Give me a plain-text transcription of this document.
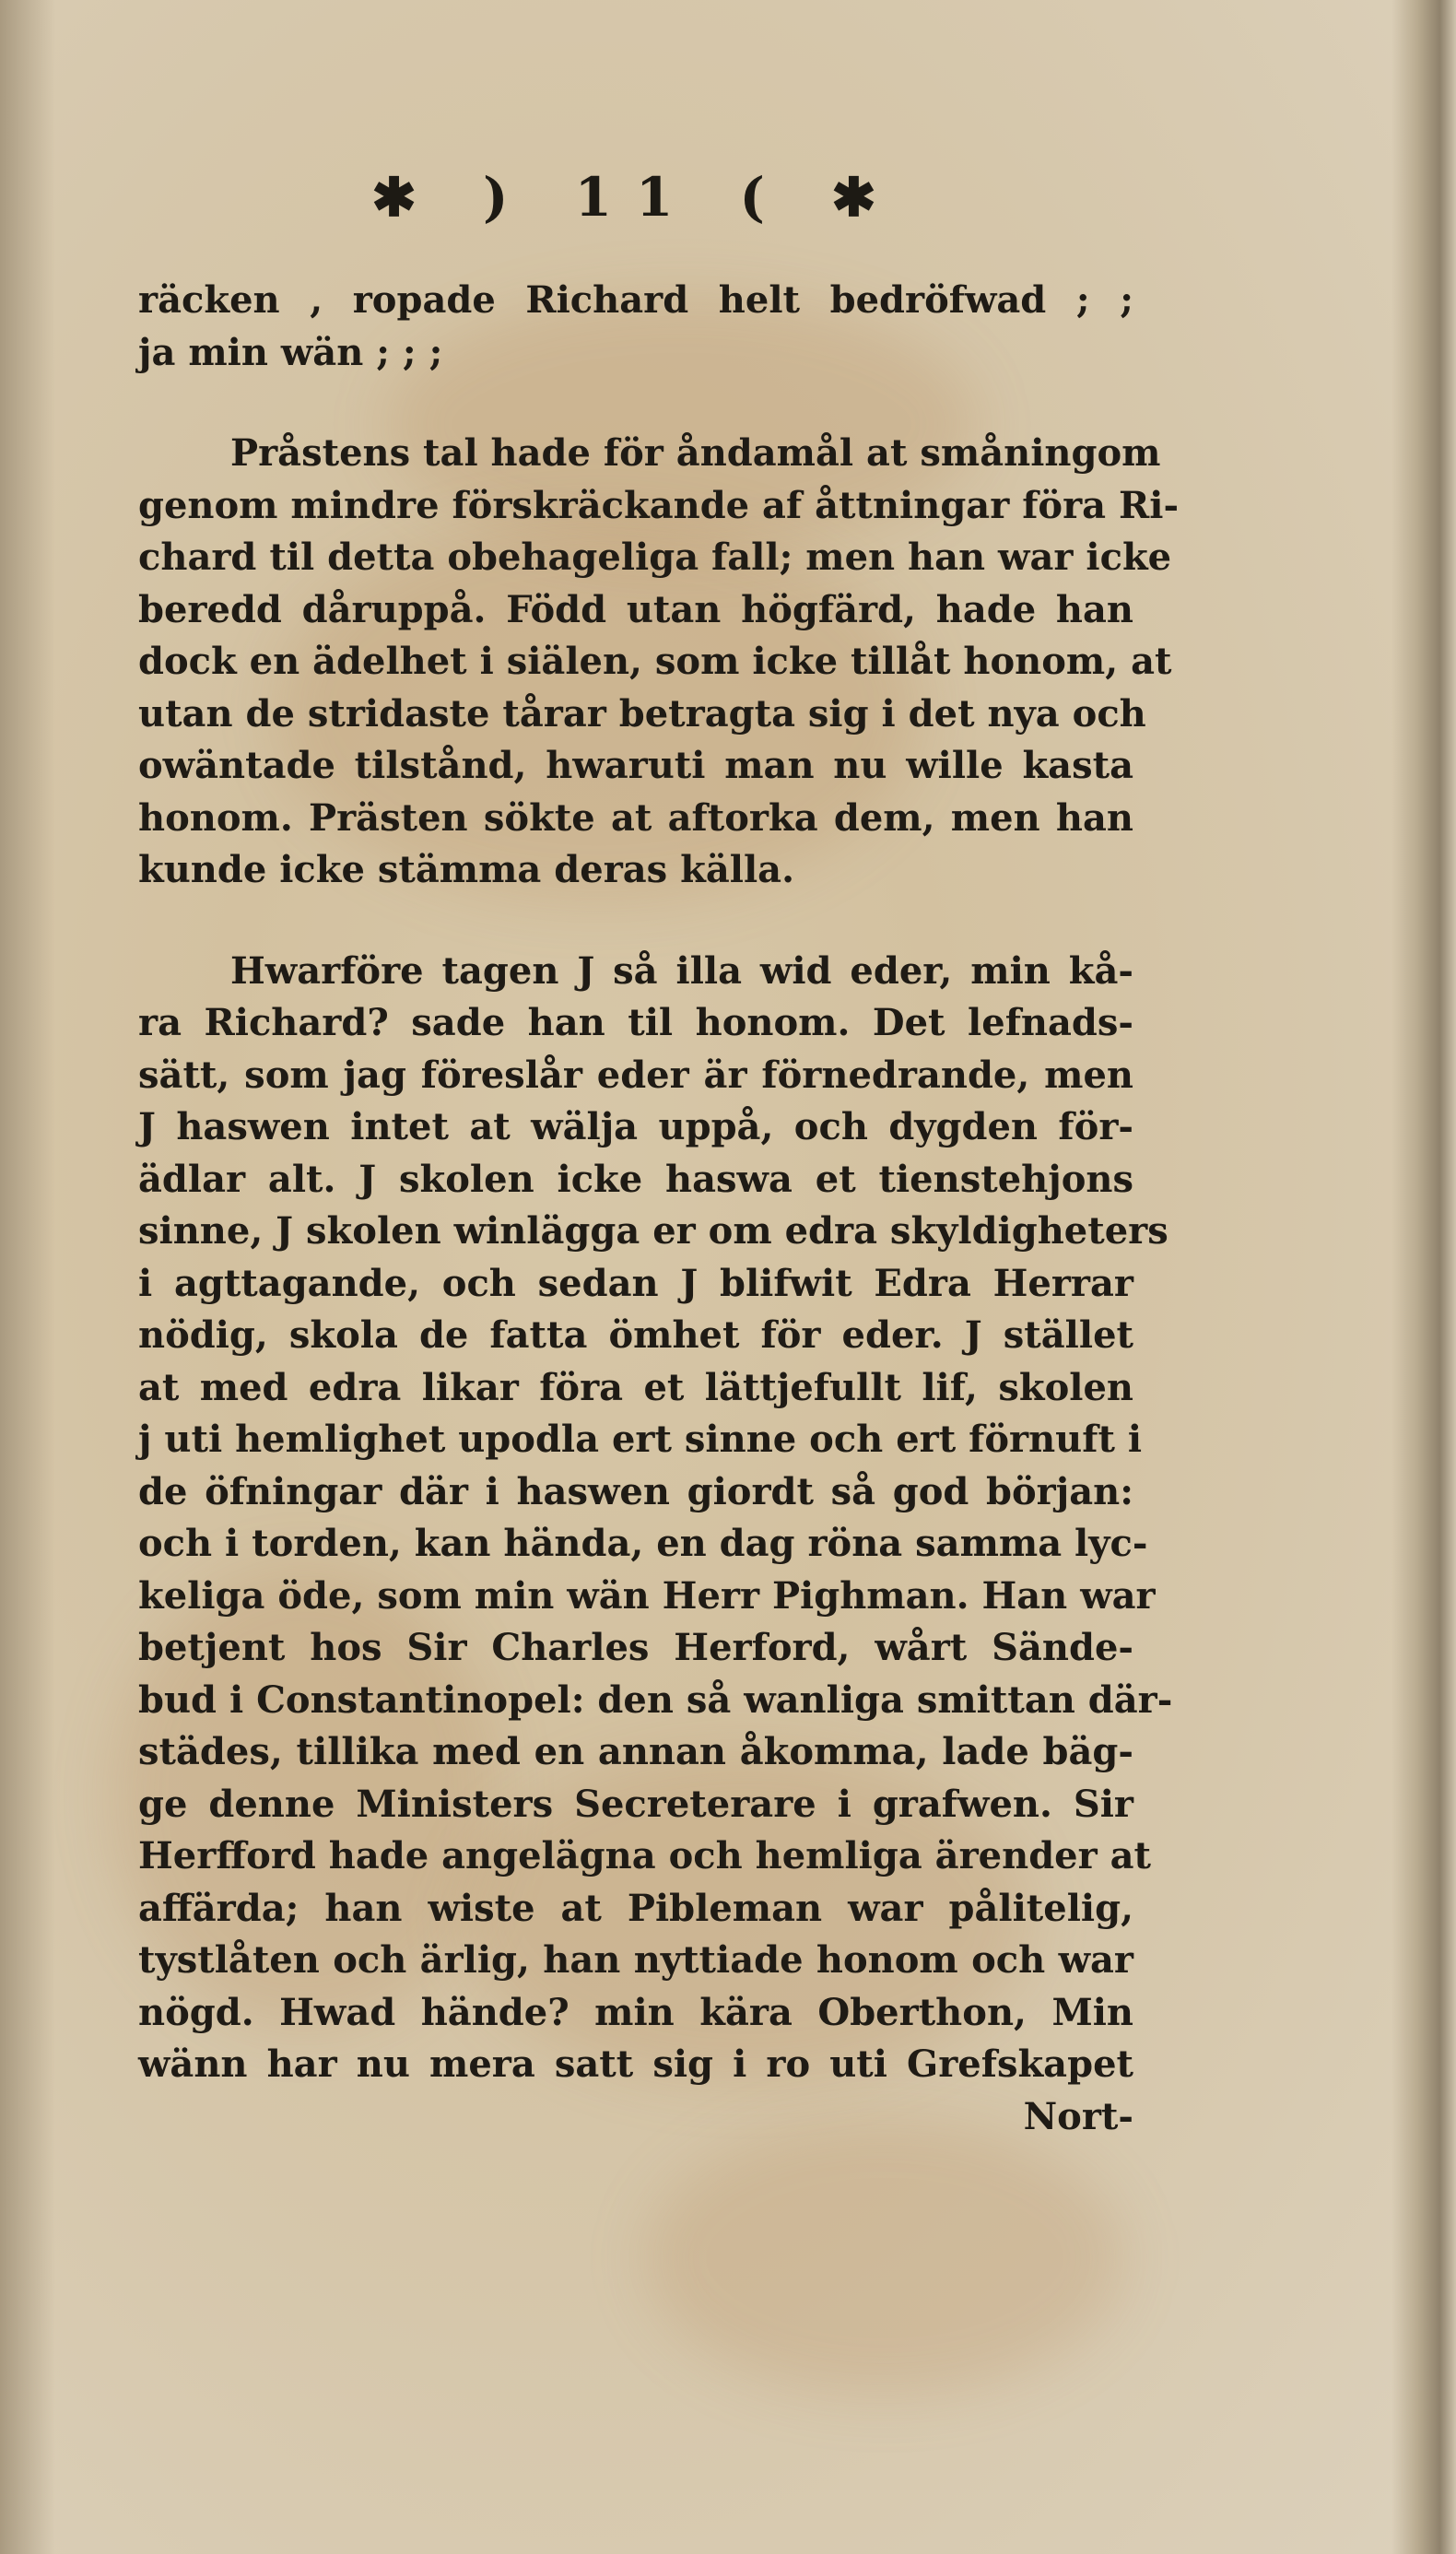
✱ ) 11 ( ✱
räcken , ropade Richard helt bedröfwad ; ;
ja min wän ; ; ;
Pråstens tal hade för åndamål at småningom
genom mindre förskräckande af åttningar föra Ri-
chard til detta obehageliga fall; men han war icke
beredd dåruppå. Född utan högfärd, hade han
dock en ädelhet i siälen, som icke tillåt honom, at
utan de stridaste tårar betragta sig i det nya och
owäntade tilstånd, hwaruti man nu wille kasta
honom. Prästen sökte at aftorka dem, men han
kunde icke stämma deras källa.
Hwarföre tagen J så illa wid eder, min kå-
ra Richard? sade han til honom. Det lefnads-
sätt, som jag föreslår eder är förnedrande, men
J haswen intet at wälja uppå, och dygden för-
ädlar alt. J skolen icke haswa et tienstehjons
sinne, J skolen winlägga er om edra skyldigheters
i agttagande, och sedan J blifwit Edra Herrar
nödig, skola de fatta ömhet för eder. J stället
at med edra likar föra et lättjefullt lif, skolen
j uti hemlighet upodla ert sinne och ert förnuft i
de öfningar där i haswen giordt så god början:
och i torden, kan hända, en dag röna samma lyc-
keliga öde, som min wän Herr Pighman. Han war
betjent hos Sir Charles Herford, wårt Sände-
bud i Constantinopel: den så wanliga smittan där-
städes, tillika med en annan åkomma, lade bäg-
ge denne Ministers Secreterare i grafwen. Sir
Herfford hade angelägna och hemliga ärender at
affärda; han wiste at Pibleman war pålitelig,
tystlåten och ärlig, han nyttiade honom och war
nögd. Hwad hände? min kära Oberthon, Min
wänn har nu mera satt sig i ro uti Grefskapet
Nort-
